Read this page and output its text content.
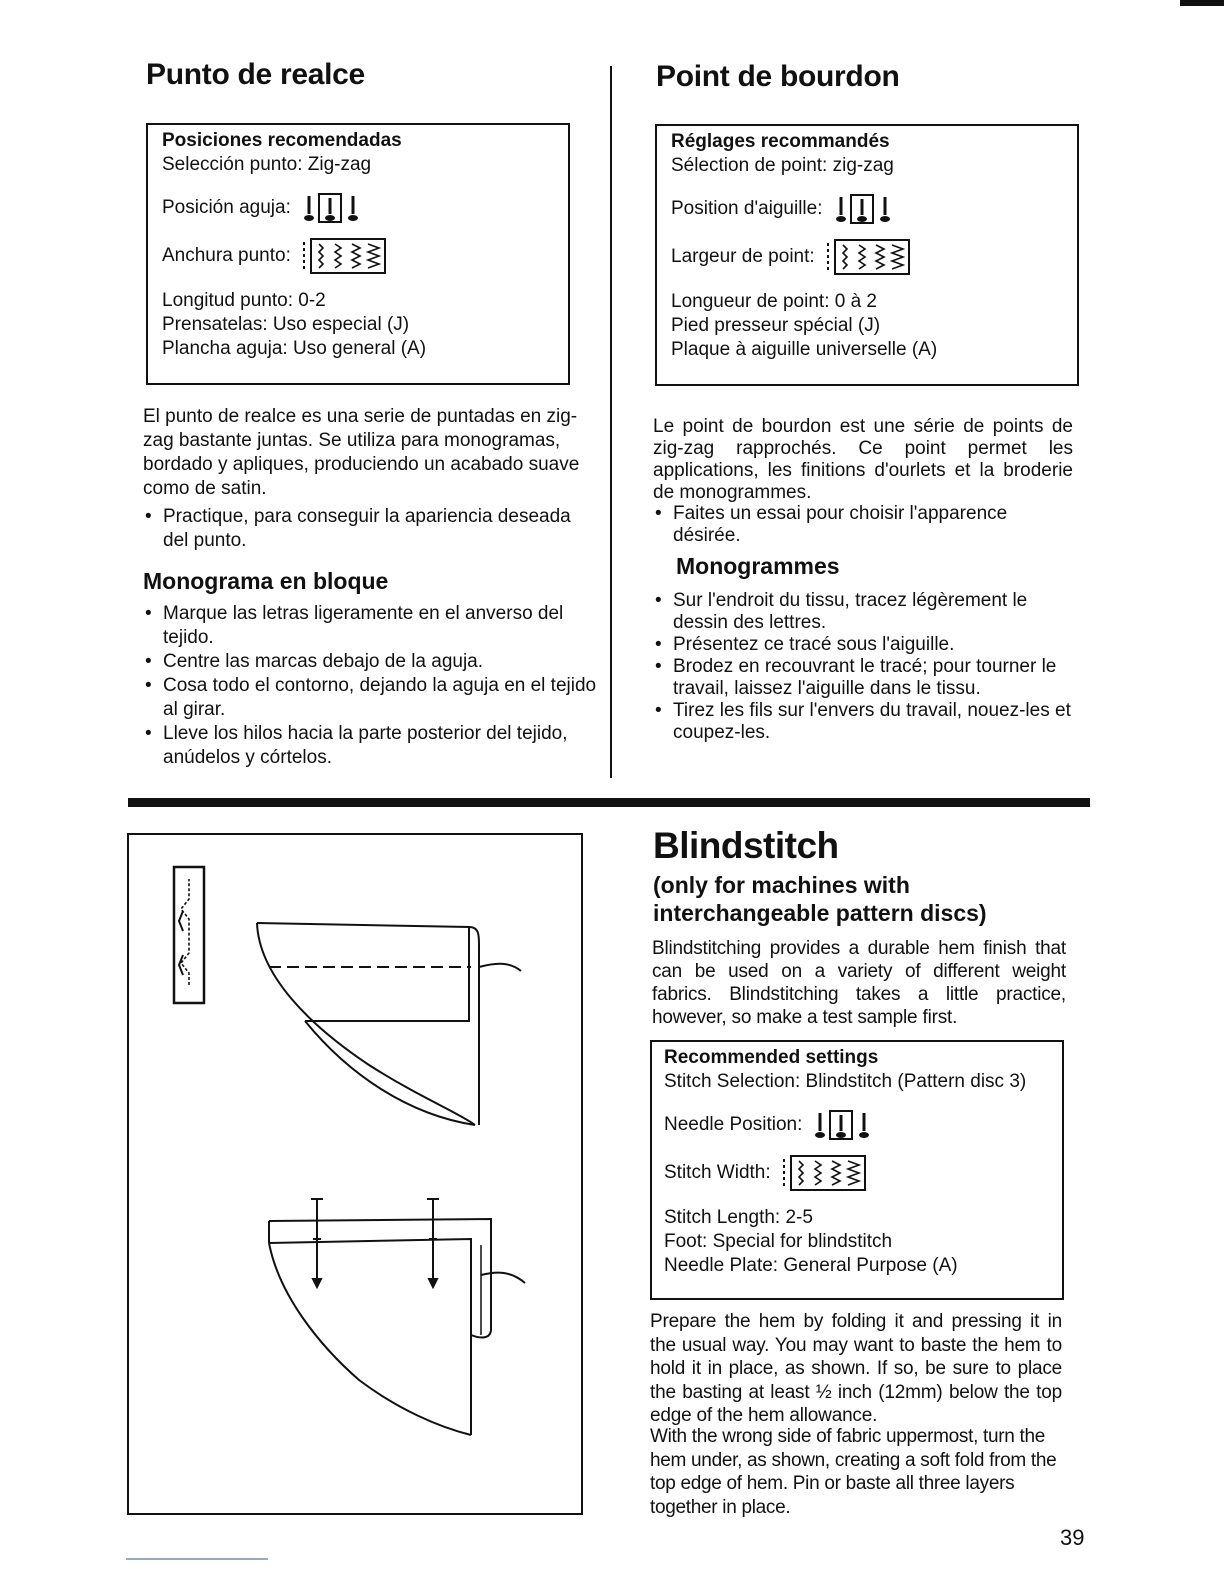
Punto de realce
Posiciones recomendadas
Selección punto: Zig-zag
Posición aguja:
Anchura punto:
Longitud punto: 0-2
Prensatelas: Uso especial (J)
Plancha aguja: Uso general (A)
El punto de realce es una serie de puntadas en zig-zag bastante juntas. Se utiliza para monogramas, bordado y apliques, produciendo un acabado suave como de satin.
• Practique, para conseguir la apariencia deseada del punto.
Monograma en bloque
• Marque las letras ligeramente en el anverso del tejido.
• Centre las marcas debajo de la aguja.
• Cosa todo el contorno, dejando la aguja en el tejido al girar.
• Lleve los hilos hacia la parte posterior del tejido, anúdelos y córtelos.
Point de bourdon
Réglages recommandés
Sélection de point: zig-zag
Position d'aiguille:
Largeur de point:
Longueur de point: 0 à 2
Pied presseur spécial (J)
Plaque à aiguille universelle (A)
Le point de bourdon est une série de points de zig-zag rapprochés. Ce point permet les applications, les finitions d'ourlets et la broderie de monogrammes.
• Faites un essai pour choisir l'apparence désirée.
Monogrammes
• Sur l'endroit du tissu, tracez légèrement le dessin des lettres.
• Présentez ce tracé sous l'aiguille.
• Brodez en recouvrant le tracé; pour tourner le travail, laissez l'aiguille dans le tissu.
• Tirez les fils sur l'envers du travail, nouez-les et coupez-les.
Blindstitch
(only for machines with
interchangeable pattern discs)
Blindstitching provides a durable hem finish that can be used on a variety of different weight fabrics. Blindstitching takes a little practice, however, so make a test sample first.
Recommended settings
Stitch Selection: Blindstitch (Pattern disc 3)
Needle Position:
Stitch Width:
Stitch Length: 2-5
Foot: Special for blindstitch
Needle Plate: General Purpose (A)
Prepare the hem by folding it and pressing it in the usual way. You may want to baste the hem to hold it in place, as shown. If so, be sure to place the basting at least ½ inch (12mm) below the top edge of the hem allowance.
With the wrong side of fabric uppermost, turn the hem under, as shown, creating a soft fold from the top edge of hem. Pin or baste all three layers together in place.
39
